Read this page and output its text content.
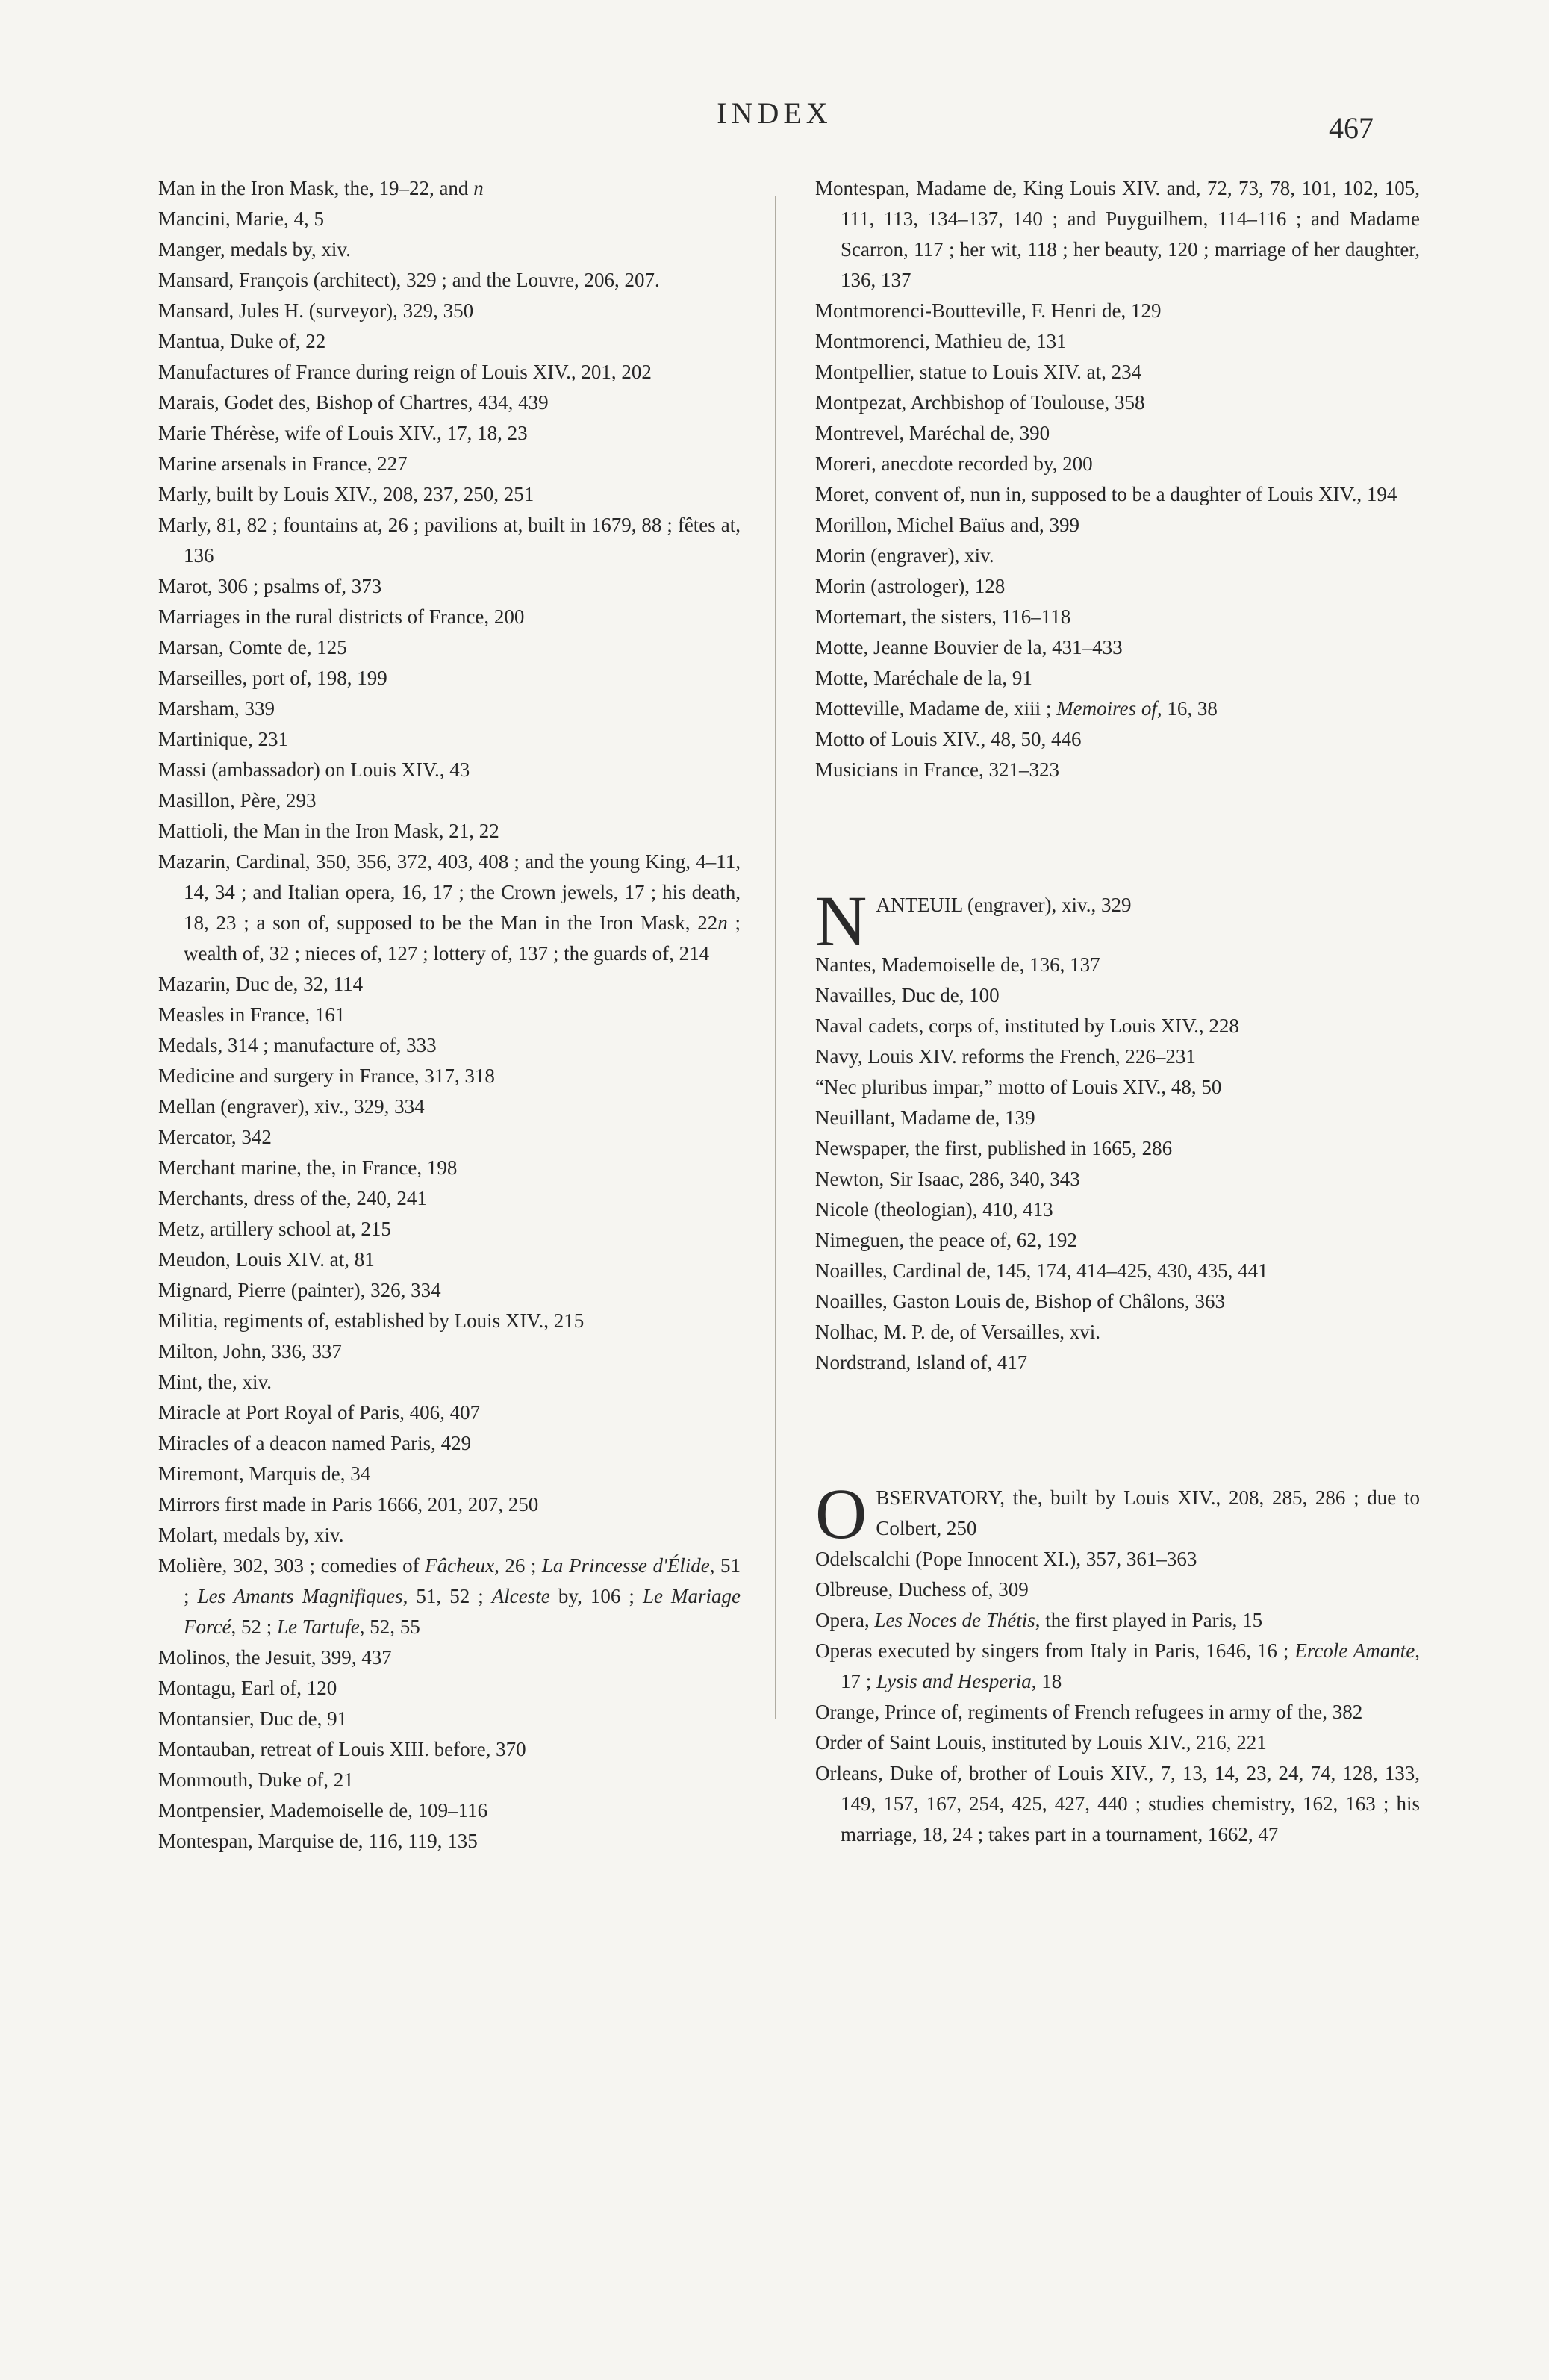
INDEX	467
Man in the Iron Mask, the, 19–22, and n
Mancini, Marie, 4, 5
Manger, medals by, xiv.
Mansard, François (architect), 329 ; and the Louvre, 206, 207.
Mansard, Jules H. (surveyor), 329, 350
Mantua, Duke of, 22
Manufactures of France during reign of Louis XIV., 201, 202
Marais, Godet des, Bishop of Chartres, 434, 439
Marie Thérèse, wife of Louis XIV., 17, 18, 23
Marine arsenals in France, 227
Marly, built by Louis XIV., 208, 237, 250, 251
Marly, 81, 82 ; fountains at, 26 ; pavilions at, built in 1679, 88 ; fêtes at, 136
Marot, 306 ; psalms of, 373
Marriages in the rural districts of France, 200
Marsan, Comte de, 125
Marseilles, port of, 198, 199
Marsham, 339
Martinique, 231
Massi (ambassador) on Louis XIV., 43
Masillon, Père, 293
Mattioli, the Man in the Iron Mask, 21, 22
Mazarin, Cardinal, 350, 356, 372, 403, 408 ; and the young King, 4–11, 14, 34 ; and Italian opera, 16, 17 ; the Crown jewels, 17 ; his death, 18, 23 ; a son of, supposed to be the Man in the Iron Mask, 22n ; wealth of, 32 ; nieces of, 127 ; lottery of, 137 ; the guards of, 214
Mazarin, Duc de, 32, 114
Measles in France, 161
Medals, 314 ; manufacture of, 333
Medicine and surgery in France, 317, 318
Mellan (engraver), xiv., 329, 334
Mercator, 342
Merchant marine, the, in France, 198
Merchants, dress of the, 240, 241
Metz, artillery school at, 215
Meudon, Louis XIV. at, 81
Mignard, Pierre (painter), 326, 334
Militia, regiments of, established by Louis XIV., 215
Milton, John, 336, 337
Mint, the, xiv.
Miracle at Port Royal of Paris, 406, 407
Miracles of a deacon named Paris, 429
Miremont, Marquis de, 34
Mirrors first made in Paris 1666, 201, 207, 250
Molart, medals by, xiv.
Molière, 302, 303 ; comedies of Fâcheux, 26 ; La Princesse d'Élide, 51 ; Les Amants Magnifiques, 51, 52 ; Alceste by, 106 ; Le Mariage Forcé, 52 ; Le Tartufe, 52, 55
Molinos, the Jesuit, 399, 437
Montagu, Earl of, 120
Montansier, Duc de, 91
Montauban, retreat of Louis XIII. before, 370
Monmouth, Duke of, 21
Montpensier, Mademoiselle de, 109–116
Montespan, Marquise de, 116, 119, 135
Montespan, Madame de, King Louis XIV. and, 72, 73, 78, 101, 102, 105, 111, 113, 134–137, 140 ; and Puyguilhem, 114–116 ; and Madame Scarron, 117 ; her wit, 118 ; her beauty, 120 ; marriage of her daughter, 136, 137
Montmorenci-Boutteville, F. Henri de, 129
Montmorenci, Mathieu de, 131
Montpellier, statue to Louis XIV. at, 234
Montpezat, Archbishop of Toulouse, 358
Montrevel, Maréchal de, 390
Moreri, anecdote recorded by, 200
Moret, convent of, nun in, supposed to be a daughter of Louis XIV., 194
Morillon, Michel Baïus and, 399
Morin (engraver), xiv.
Morin (astrologer), 128
Mortemart, the sisters, 116–118
Motte, Jeanne Bouvier de la, 431–433
Motte, Maréchale de la, 91
Motteville, Madame de, xiii ; Memoires of, 16, 38
Motto of Louis XIV., 48, 50, 446
Musicians in France, 321–323
N ANTEUIL (engraver), xiv., 329
Nantes, Mademoiselle de, 136, 137
Navailles, Duc de, 100
Naval cadets, corps of, instituted by Louis XIV., 228
Navy, Louis XIV. reforms the French, 226–231
“Nec pluribus impar,” motto of Louis XIV., 48, 50
Neuillant, Madame de, 139
Newspaper, the first, published in 1665, 286
Newton, Sir Isaac, 286, 340, 343
Nicole (theologian), 410, 413
Nimeguen, the peace of, 62, 192
Noailles, Cardinal de, 145, 174, 414–425, 430, 435, 441
Noailles, Gaston Louis de, Bishop of Châlons, 363
Nolhac, M. P. de, of Versailles, xvi.
Nordstrand, Island of, 417
O BSERVATORY, the, built by Louis XIV., 208, 285, 286 ; due to Colbert, 250
Odelscalchi (Pope Innocent XI.), 357, 361–363
Olbreuse, Duchess of, 309
Opera, Les Noces de Thétis, the first played in Paris, 15
Operas executed by singers from Italy in Paris, 1646, 16 ; Ercole Amante, 17 ; Lysis and Hesperia, 18
Orange, Prince of, regiments of French refugees in army of the, 382
Order of Saint Louis, instituted by Louis XIV., 216, 221
Orleans, Duke of, brother of Louis XIV., 7, 13, 14, 23, 24, 74, 128, 133, 149, 157, 167, 254, 425, 427, 440 ; studies chemistry, 162, 163 ; his marriage, 18, 24 ; takes part in a tournament, 1662, 47
